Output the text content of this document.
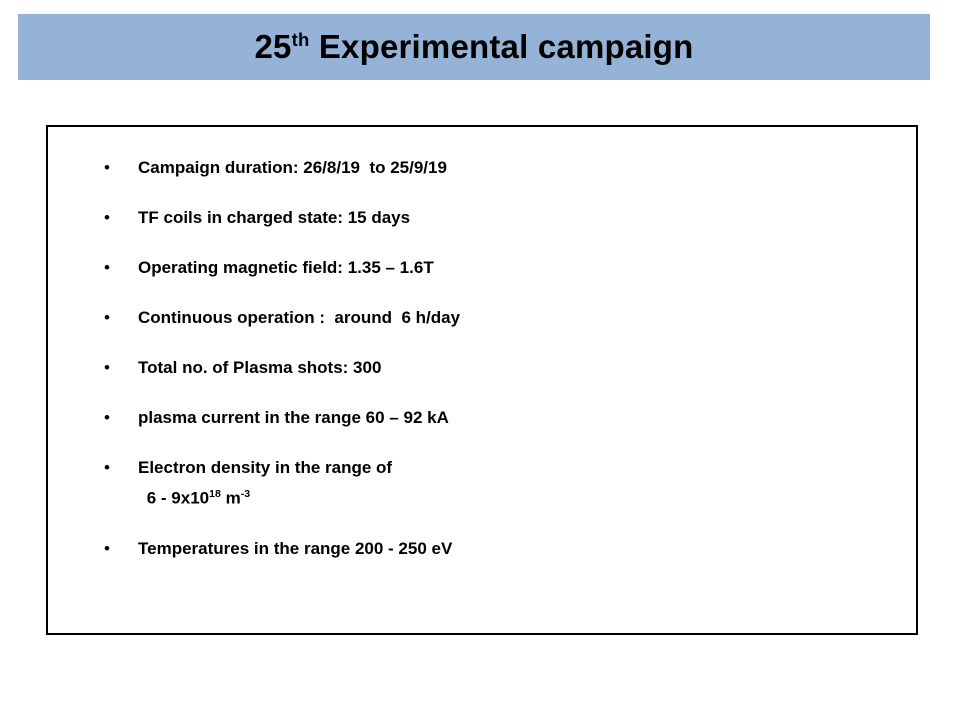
25th Experimental campaign
•	Campaign duration: 26/8/19  to 25/9/19
•	TF coils in charged state: 15 days
•	Operating magnetic field: 1.35 – 1.6T
•	Continuous operation :  around  6 h/day
•	Total no. of Plasma shots: 300
•	plasma current in the range 60 – 92 kA
•	Electron density in the range of
$6 - 9x10^{18}$ $m^{-3}$
•	Temperatures in the range 200 - 250 eV
